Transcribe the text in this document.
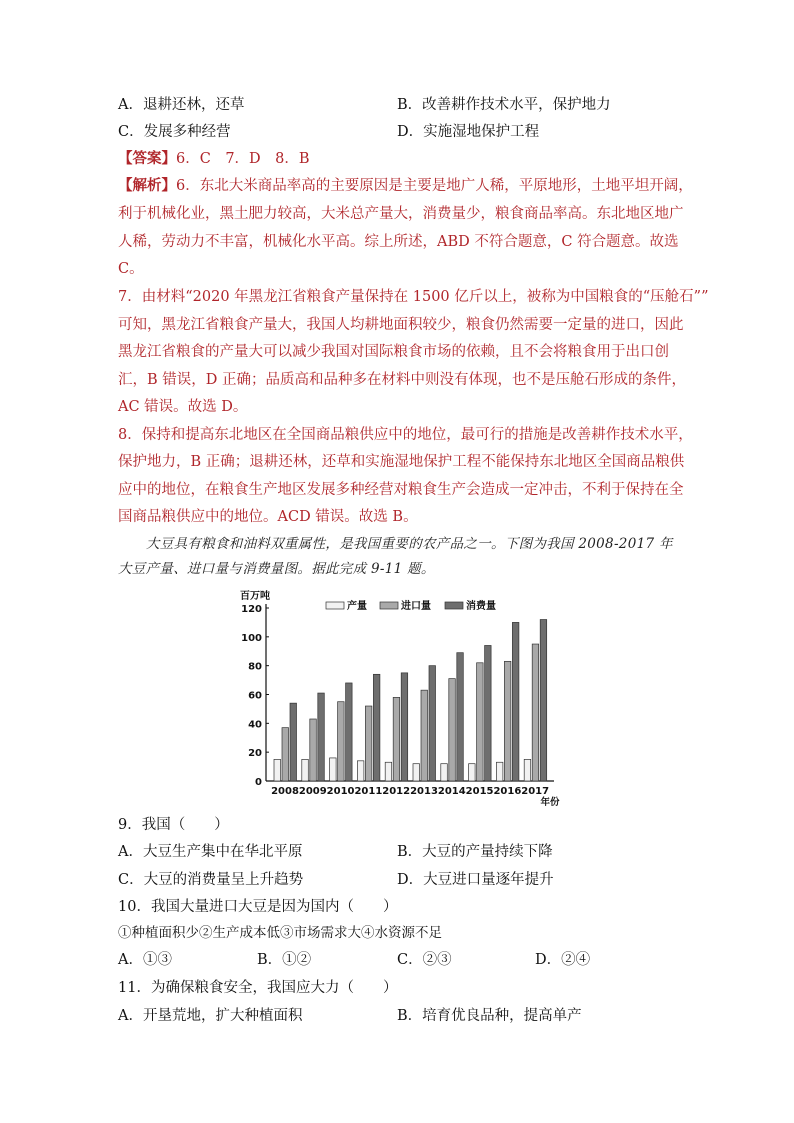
A．退耕还林，还草	B．改善耕作技术水平，保护地力
C．发展多种经营	D．实施湿地保护工程
【答案】6．C　7．D　8．B
【解析】6．东北大米商品率高的主要原因是主要是地广人稀，平原地形，土地平坦开阔，
利于机械化业，黑土肥力较高，大米总产量大，消费量少，粮食商品率高。东北地区地广
人稀，劳动力不丰富，机械化水平高。综上所述，ABD 不符合题意，C 符合题意。故选
C。
7．由材料“2020 年黑龙江省粮食产量保持在 1500 亿斤以上，被称为中国粮食的“压舱石””
可知，黑龙江省粮食产量大，我国人均耕地面积较少，粮食仍然需要一定量的进口，因此
黑龙江省粮食的产量大可以减少我国对国际粮食市场的依赖，且不会将粮食用于出口创
汇，B 错误，D 正确；品质高和品种多在材料中则没有体现，也不是压舱石形成的条件，
AC 错误。故选 D。
8．保持和提高东北地区在全国商品粮供应中的地位，最可行的措施是改善耕作技术水平，
保护地力，B 正确；退耕还林，还草和实施湿地保护工程不能保持东北地区全国商品粮供
应中的地位，在粮食生产地区发展多种经营对粮食生产会造成一定冲击，不利于保持在全
国商品粮供应中的地位。ACD 错误。故选 B。
大豆具有粮食和油料双重属性，是我国重要的农产品之一。下图为我国 2008-2017 年
大豆产量、进口量与消费量图。据此完成 9-11 题。
百万吨
0
20
40
60
80
100
120
2008 2009 2010 2011 2012 2013 2014 2015 2016 2017
年份
产量	进口量	消费量
9．我国（　　）
A．大豆生产集中在华北平原	B．大豆的产量持续下降
C．大豆的消费量呈上升趋势	D．大豆进口量逐年提升
10．我国大量进口大豆是因为国内（　　）
①种植面积少②生产成本低③市场需求大④水资源不足
A．①③	B．①②	C．②③	D．②④
11．为确保粮食安全，我国应大力（　　）
A．开垦荒地，扩大种植面积	B．培育优良品种，提高单产
